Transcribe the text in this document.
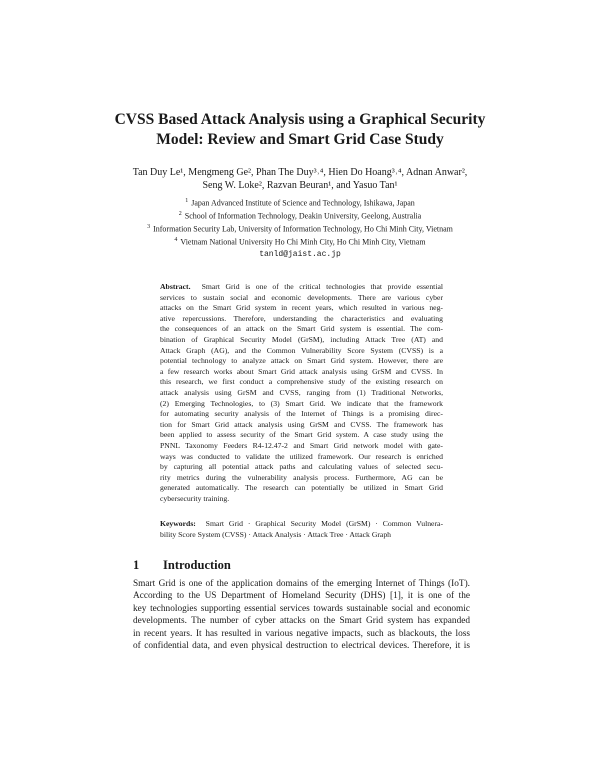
CVSS Based Attack Analysis using a Graphical Security
Model: Review and Smart Grid Case Study
Tan Duy Le¹, Mengmeng Ge², Phan The Duy³˒⁴, Hien Do Hoang³˒⁴, Adnan Anwar²,
Seng W. Loke², Razvan Beuran¹, and Yasuo Tan¹
$^1$ Japan Advanced Institute of Science and Technology, Ishikawa, Japan
$^2$ School of Information Technology, Deakin University, Geelong, Australia
$^3$ Information Security Lab, University of Information Technology, Ho Chi Minh City, Vietnam
$^4$ Vietnam National University Ho Chi Minh City, Ho Chi Minh City, Vietnam
tanld@jaist.ac.jp
Abstract. Smart Grid is one of the critical technologies that provide essential
services to sustain social and economic developments. There are various cyber
attacks on the Smart Grid system in recent years, which resulted in various neg-
ative repercussions. Therefore, understanding the characteristics and evaluating
the consequences of an attack on the Smart Grid system is essential. The com-
bination of Graphical Security Model (GrSM), including Attack Tree (AT) and
Attack Graph (AG), and the Common Vulnerability Score System (CVSS) is a
potential technology to analyze attack on Smart Grid system. However, there are
a few research works about Smart Grid attack analysis using GrSM and CVSS. In
this research, we first conduct a comprehensive study of the existing research on
attack analysis using GrSM and CVSS, ranging from (1) Traditional Networks,
(2) Emerging Technologies, to (3) Smart Grid. We indicate that the framework
for automating security analysis of the Internet of Things is a promising direc-
tion for Smart Grid attack analysis using GrSM and CVSS. The framework has
been applied to assess security of the Smart Grid system. A case study using the
PNNL Taxonomy Feeders R4-12.47-2 and Smart Grid network model with gate-
ways was conducted to validate the utilized framework. Our research is enriched
by capturing all potential attack paths and calculating values of selected secu-
rity metrics during the vulnerability analysis process. Furthermore, AG can be
generated automatically. The research can potentially be utilized in Smart Grid
cybersecurity training.
Keywords: Smart Grid · Graphical Security Model (GrSM) · Common Vulnera-
bility Score System (CVSS) · Attack Analysis · Attack Tree · Attack Graph
1 Introduction
Smart Grid is one of the application domains of the emerging Internet of Things (IoT).
According to the US Department of Homeland Security (DHS) [1], it is one of the
key technologies supporting essential services towards sustainable social and economic
developments. The number of cyber attacks on the Smart Grid system has expanded
in recent years. It has resulted in various negative impacts, such as blackouts, the loss
of confidential data, and even physical destruction to electrical devices. Therefore, it is
